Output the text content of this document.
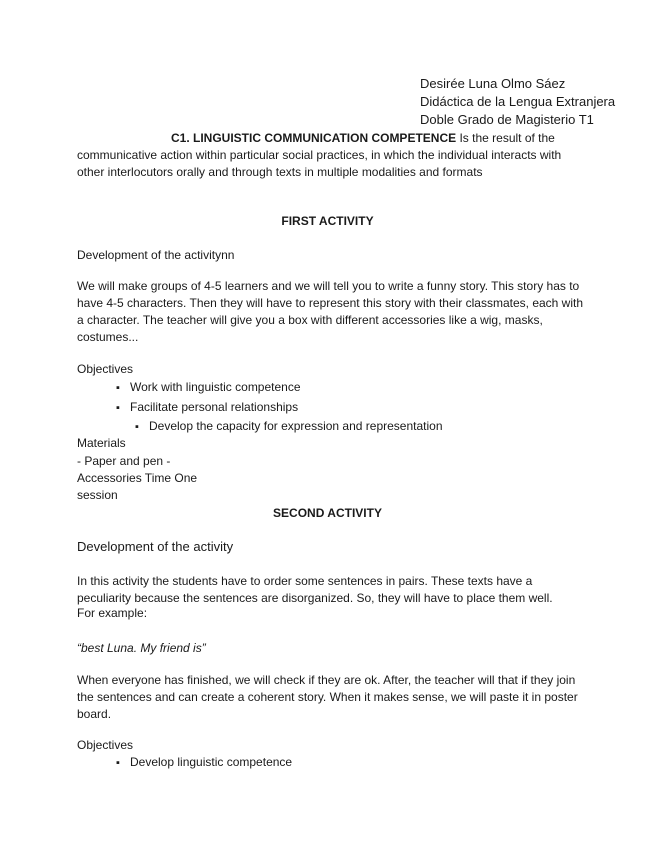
Desirée Luna Olmo Sáez
Didáctica de la Lengua Extranjera
Doble Grado de Magisterio T1
C1. LINGUISTIC COMMUNICATION COMPETENCE Is the result of the
communicative action within particular social practices, in which the individual interacts with
other interlocutors orally and through texts in multiple modalities and formats
FIRST ACTIVITY
Development of the activitynn
We will make groups of 4-5 learners and we will tell you to write a funny story. This story has to
have 4-5 characters. Then they will have to represent this story with their classmates, each with
a character. The teacher will give you a box with different accessories like a wig, masks,
costumes...
Objectives
▪ Work with linguistic competence
▪ Facilitate personal relationships
▪ Develop the capacity for expression and representation
Materials
- Paper and pen -
Accessories Time One
session
SECOND ACTIVITY
Development of the activity
In this activity the students have to order some sentences in pairs. These texts have a
peculiarity because the sentences are disorganized. So, they will have to place them well.
For example:
“best Luna. My friend is”
When everyone has finished, we will check if they are ok. After, the teacher will that if they join
the sentences and can create a coherent story. When it makes sense, we will paste it in poster
board.
Objectives
▪ Develop linguistic competence
